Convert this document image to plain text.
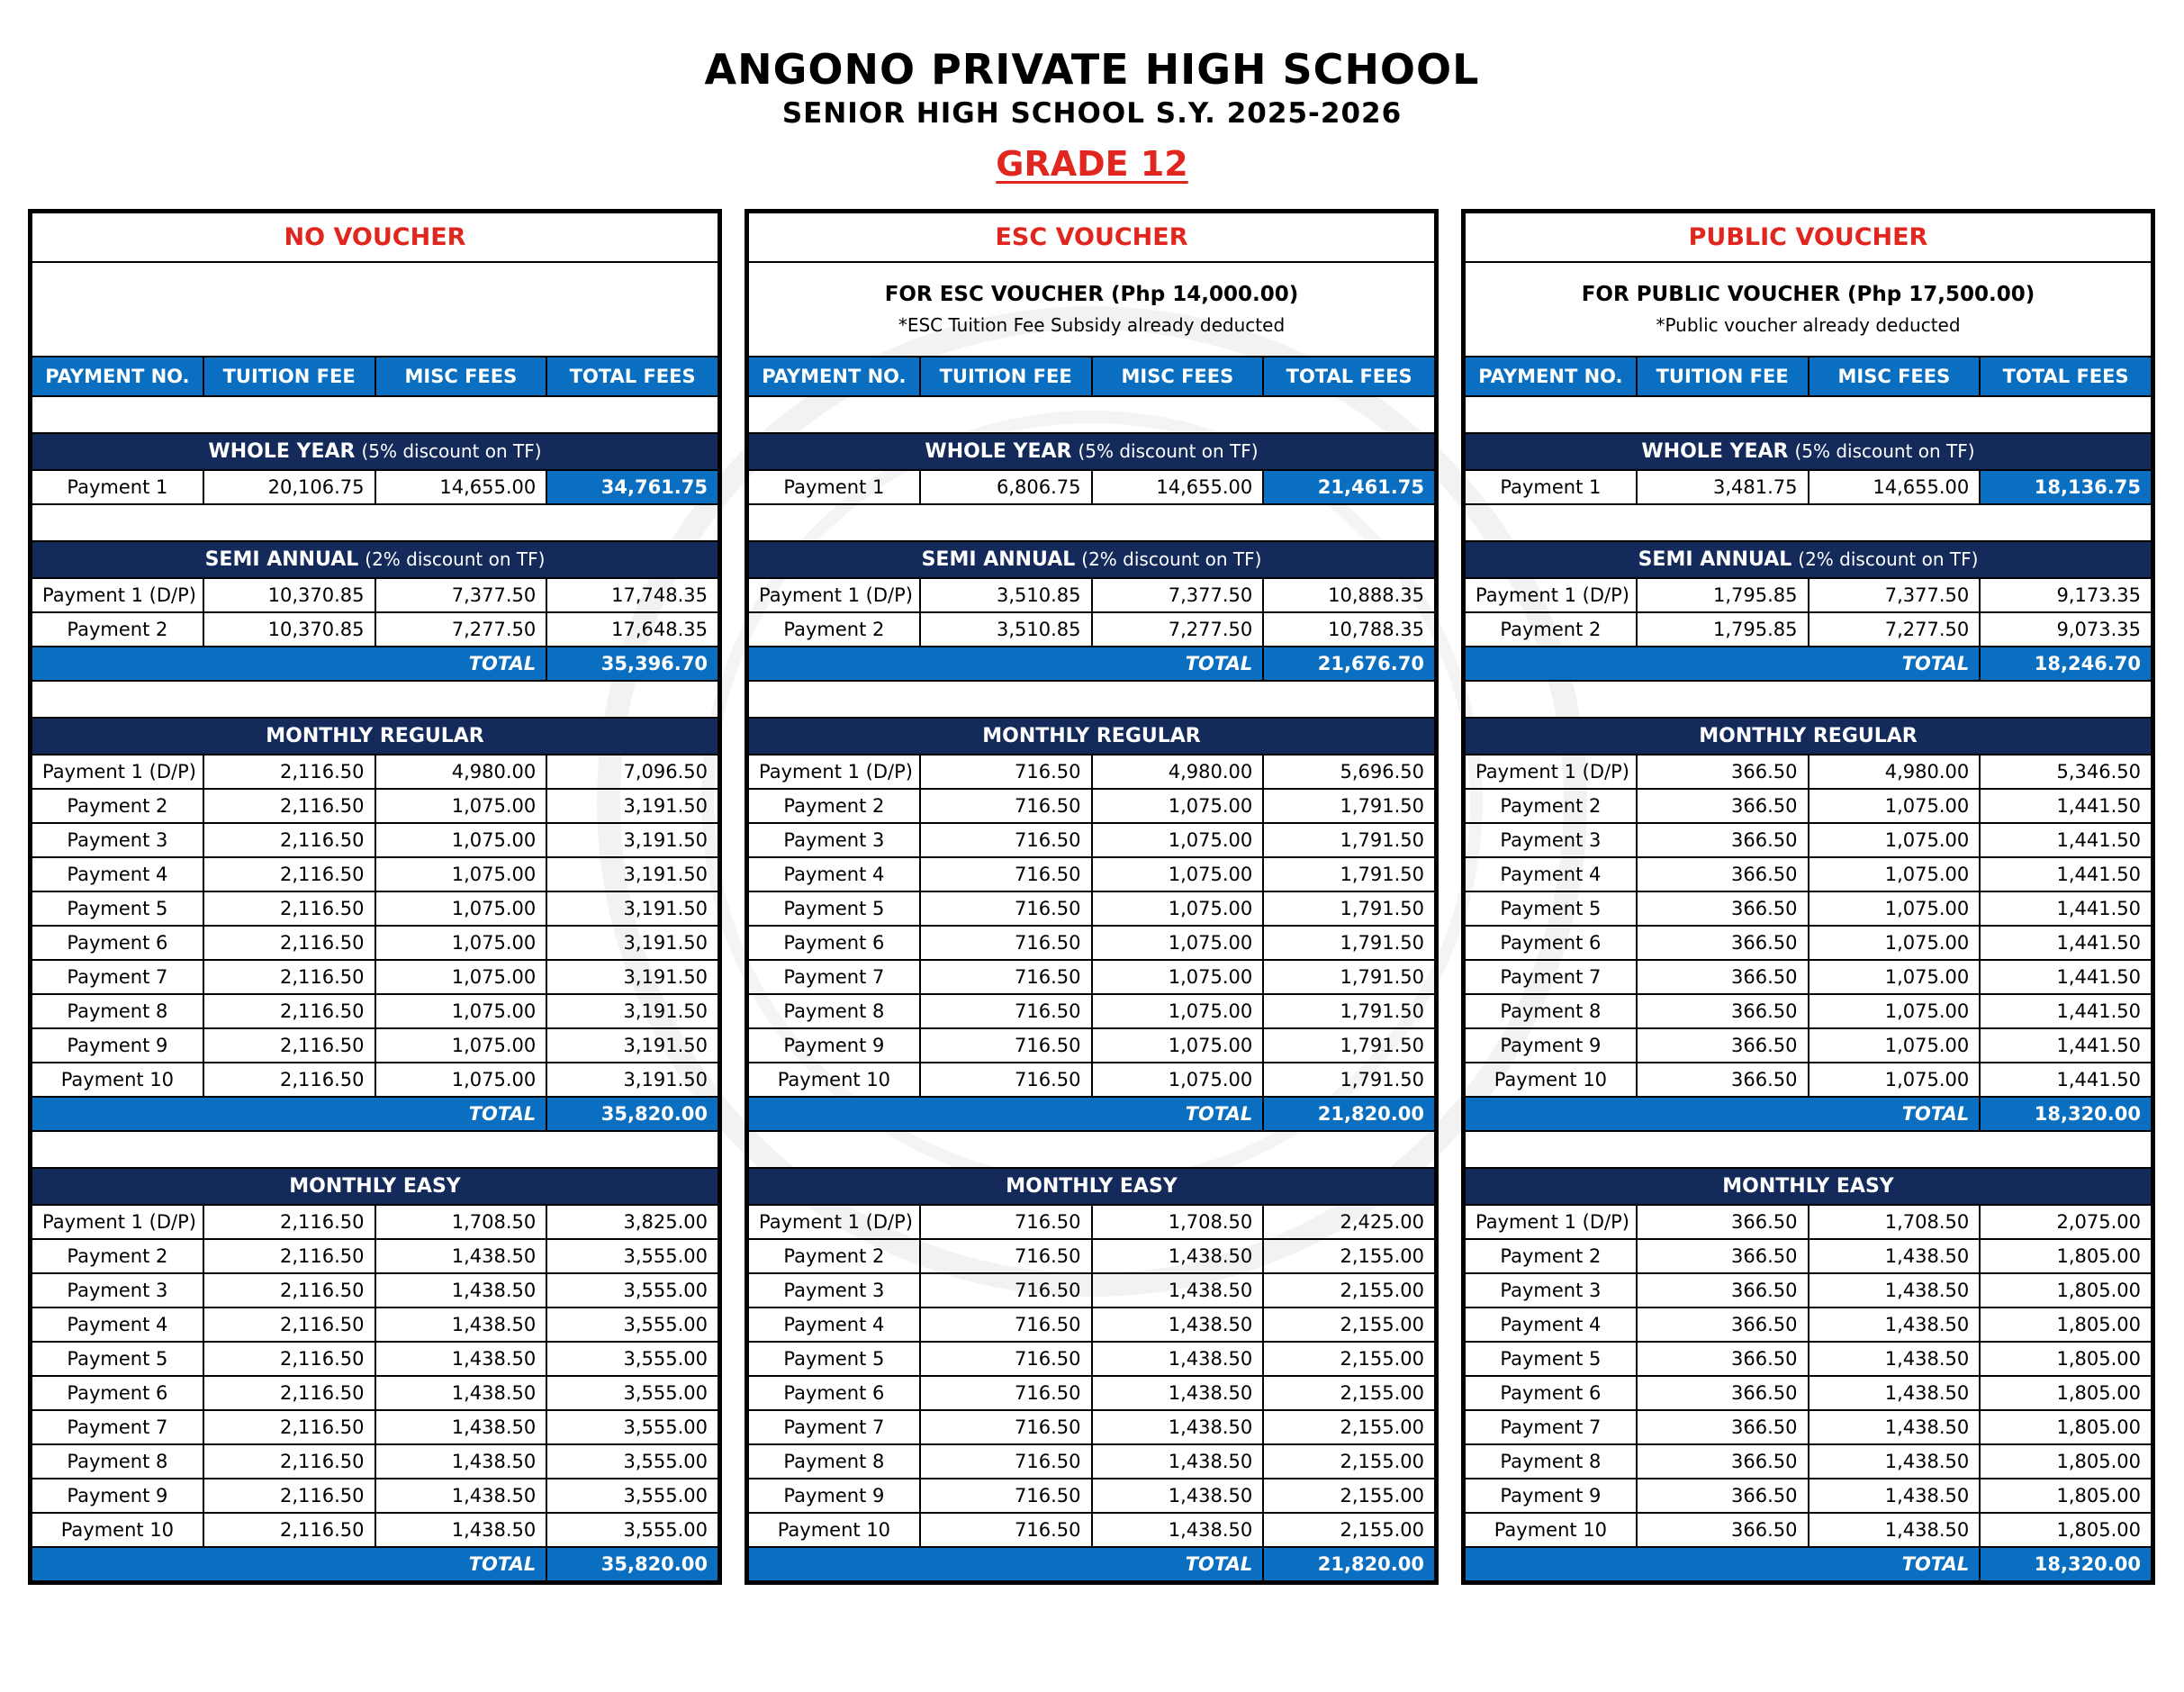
ANGONO PRIVATE HIGH SCHOOL
SENIOR HIGH SCHOOL S.Y. 2025-2026
GRADE 12
NO VOUCHER			

PAYMENT NO.	TUITION FEE	MISC FEES	TOTAL FEES

WHOLE YEAR (5% discount on TF)			
Payment 1	20,106.75	14,655.00	34,761.75

SEMI ANNUAL (2% discount on TF)			
Payment 1 (D/P)	10,370.85	7,377.50	17,748.35
Payment 2	10,370.85	7,277.50	17,648.35
TOTAL			35,396.70

MONTHLY REGULAR			
Payment 1 (D/P)	2,116.50	4,980.00	7,096.50
Payment 2	2,116.50	1,075.00	3,191.50
Payment 3	2,116.50	1,075.00	3,191.50
Payment 4	2,116.50	1,075.00	3,191.50
Payment 5	2,116.50	1,075.00	3,191.50
Payment 6	2,116.50	1,075.00	3,191.50
Payment 7	2,116.50	1,075.00	3,191.50
Payment 8	2,116.50	1,075.00	3,191.50
Payment 9	2,116.50	1,075.00	3,191.50
Payment 10	2,116.50	1,075.00	3,191.50
TOTAL			35,820.00

MONTHLY EASY			
Payment 1 (D/P)	2,116.50	1,708.50	3,825.00
Payment 2	2,116.50	1,438.50	3,555.00
Payment 3	2,116.50	1,438.50	3,555.00
Payment 4	2,116.50	1,438.50	3,555.00
Payment 5	2,116.50	1,438.50	3,555.00
Payment 6	2,116.50	1,438.50	3,555.00
Payment 7	2,116.50	1,438.50	3,555.00
Payment 8	2,116.50	1,438.50	3,555.00
Payment 9	2,116.50	1,438.50	3,555.00
Payment 10	2,116.50	1,438.50	3,555.00
TOTAL			35,820.00
ESC VOUCHER			

FOR ESC VOUCHER (Php 14,000.00)
*ESC Tuition Fee Subsidy already deducted			

PAYMENT NO.	TUITION FEE	MISC FEES	TOTAL FEES

WHOLE YEAR (5% discount on TF)			
Payment 1	6,806.75	14,655.00	21,461.75

SEMI ANNUAL (2% discount on TF)			
Payment 1 (D/P)	3,510.85	7,377.50	10,888.35
Payment 2	3,510.85	7,277.50	10,788.35
TOTAL			21,676.70

MONTHLY REGULAR			
Payment 1 (D/P)	716.50	4,980.00	5,696.50
Payment 2	716.50	1,075.00	1,791.50
Payment 3	716.50	1,075.00	1,791.50
Payment 4	716.50	1,075.00	1,791.50
Payment 5	716.50	1,075.00	1,791.50
Payment 6	716.50	1,075.00	1,791.50
Payment 7	716.50	1,075.00	1,791.50
Payment 8	716.50	1,075.00	1,791.50
Payment 9	716.50	1,075.00	1,791.50
Payment 10	716.50	1,075.00	1,791.50
TOTAL			21,820.00

MONTHLY EASY			
Payment 1 (D/P)	716.50	1,708.50	2,425.00
Payment 2	716.50	1,438.50	2,155.00
Payment 3	716.50	1,438.50	2,155.00
Payment 4	716.50	1,438.50	2,155.00
Payment 5	716.50	1,438.50	2,155.00
Payment 6	716.50	1,438.50	2,155.00
Payment 7	716.50	1,438.50	2,155.00
Payment 8	716.50	1,438.50	2,155.00
Payment 9	716.50	1,438.50	2,155.00
Payment 10	716.50	1,438.50	2,155.00
TOTAL			21,820.00
PUBLIC VOUCHER			

FOR PUBLIC VOUCHER (Php 17,500.00)
*Public voucher already deducted			

PAYMENT NO.	TUITION FEE	MISC FEES	TOTAL FEES

WHOLE YEAR (5% discount on TF)			
Payment 1	3,481.75	14,655.00	18,136.75

SEMI ANNUAL (2% discount on TF)			
Payment 1 (D/P)	1,795.85	7,377.50	9,173.35
Payment 2	1,795.85	7,277.50	9,073.35
TOTAL			18,246.70

MONTHLY REGULAR			
Payment 1 (D/P)	366.50	4,980.00	5,346.50
Payment 2	366.50	1,075.00	1,441.50
Payment 3	366.50	1,075.00	1,441.50
Payment 4	366.50	1,075.00	1,441.50
Payment 5	366.50	1,075.00	1,441.50
Payment 6	366.50	1,075.00	1,441.50
Payment 7	366.50	1,075.00	1,441.50
Payment 8	366.50	1,075.00	1,441.50
Payment 9	366.50	1,075.00	1,441.50
Payment 10	366.50	1,075.00	1,441.50
TOTAL			18,320.00

MONTHLY EASY			
Payment 1 (D/P)	366.50	1,708.50	2,075.00
Payment 2	366.50	1,438.50	1,805.00
Payment 3	366.50	1,438.50	1,805.00
Payment 4	366.50	1,438.50	1,805.00
Payment 5	366.50	1,438.50	1,805.00
Payment 6	366.50	1,438.50	1,805.00
Payment 7	366.50	1,438.50	1,805.00
Payment 8	366.50	1,438.50	1,805.00
Payment 9	366.50	1,438.50	1,805.00
Payment 10	366.50	1,438.50	1,805.00
TOTAL			18,320.00
